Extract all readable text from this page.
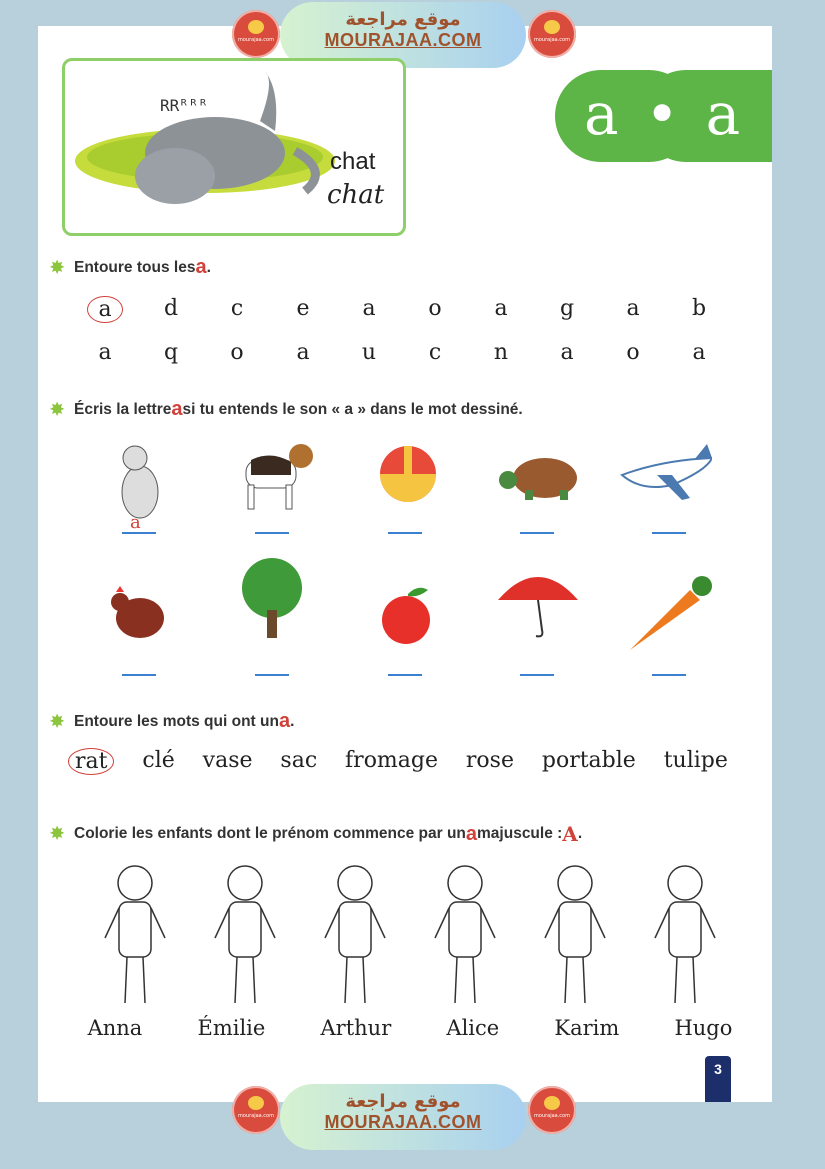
mourajaa.com
موقع مراجعة
MOURAJAA.COM	mourajaa.com
RRᴿᴿᴿ
chat
chat
a • a
✸ Entoure tous les a .
a	d	c	e	a	o	a	g	a	b
a	q	o	a	u	c	n	a	o	a
✸ Écris la lettre a si tu entends le son « a » dans le mot dessiné.
a
✸ Entoure les mots qui ont un a .
rat	clé vase sac fromage rose portable tulipe
✸ Colorie les enfants dont le prénom commence par un a majuscule : A .
Anna	Émilie	Arthur	Alice	Karim	Hugo
3
mourajaa.com
موقع مراجعة
MOURAJAA.COM	mourajaa.com
